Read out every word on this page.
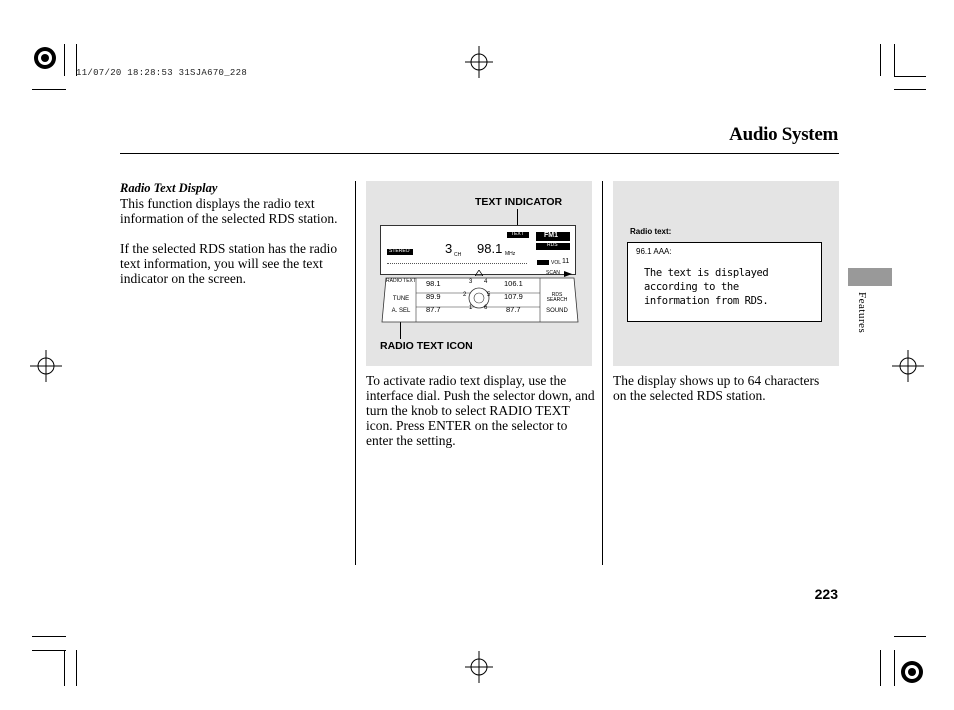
11/07/20 18:28:53 31SJA670_228
Audio System
Radio Text Display
This function displays the radio text information of the selected RDS station.
If the selected RDS station has the radio text information, you will see the text indicator on the screen.
TEXT INDICATOR
RADIO TEXT ICON
STEREO	3 CH 98.1 MHz
TEXT	FM1
RDS
VOL 11
SCAN
RADIO TEXT
TUNE
A. SEL
RDS SEARCH
SOUND
98.1	3
89.9	2
87.7	1
4 106.1
5 107.9
6 87.7
To activate radio text display, use the interface dial. Push the selector down, and turn the knob to select RADIO TEXT icon. Press ENTER on the selector to enter the setting.
Radio text:
96.1 AAA:
The text is displayed
according to the
information from RDS.
The display shows up to 64 characters on the selected RDS station.
Features
223
